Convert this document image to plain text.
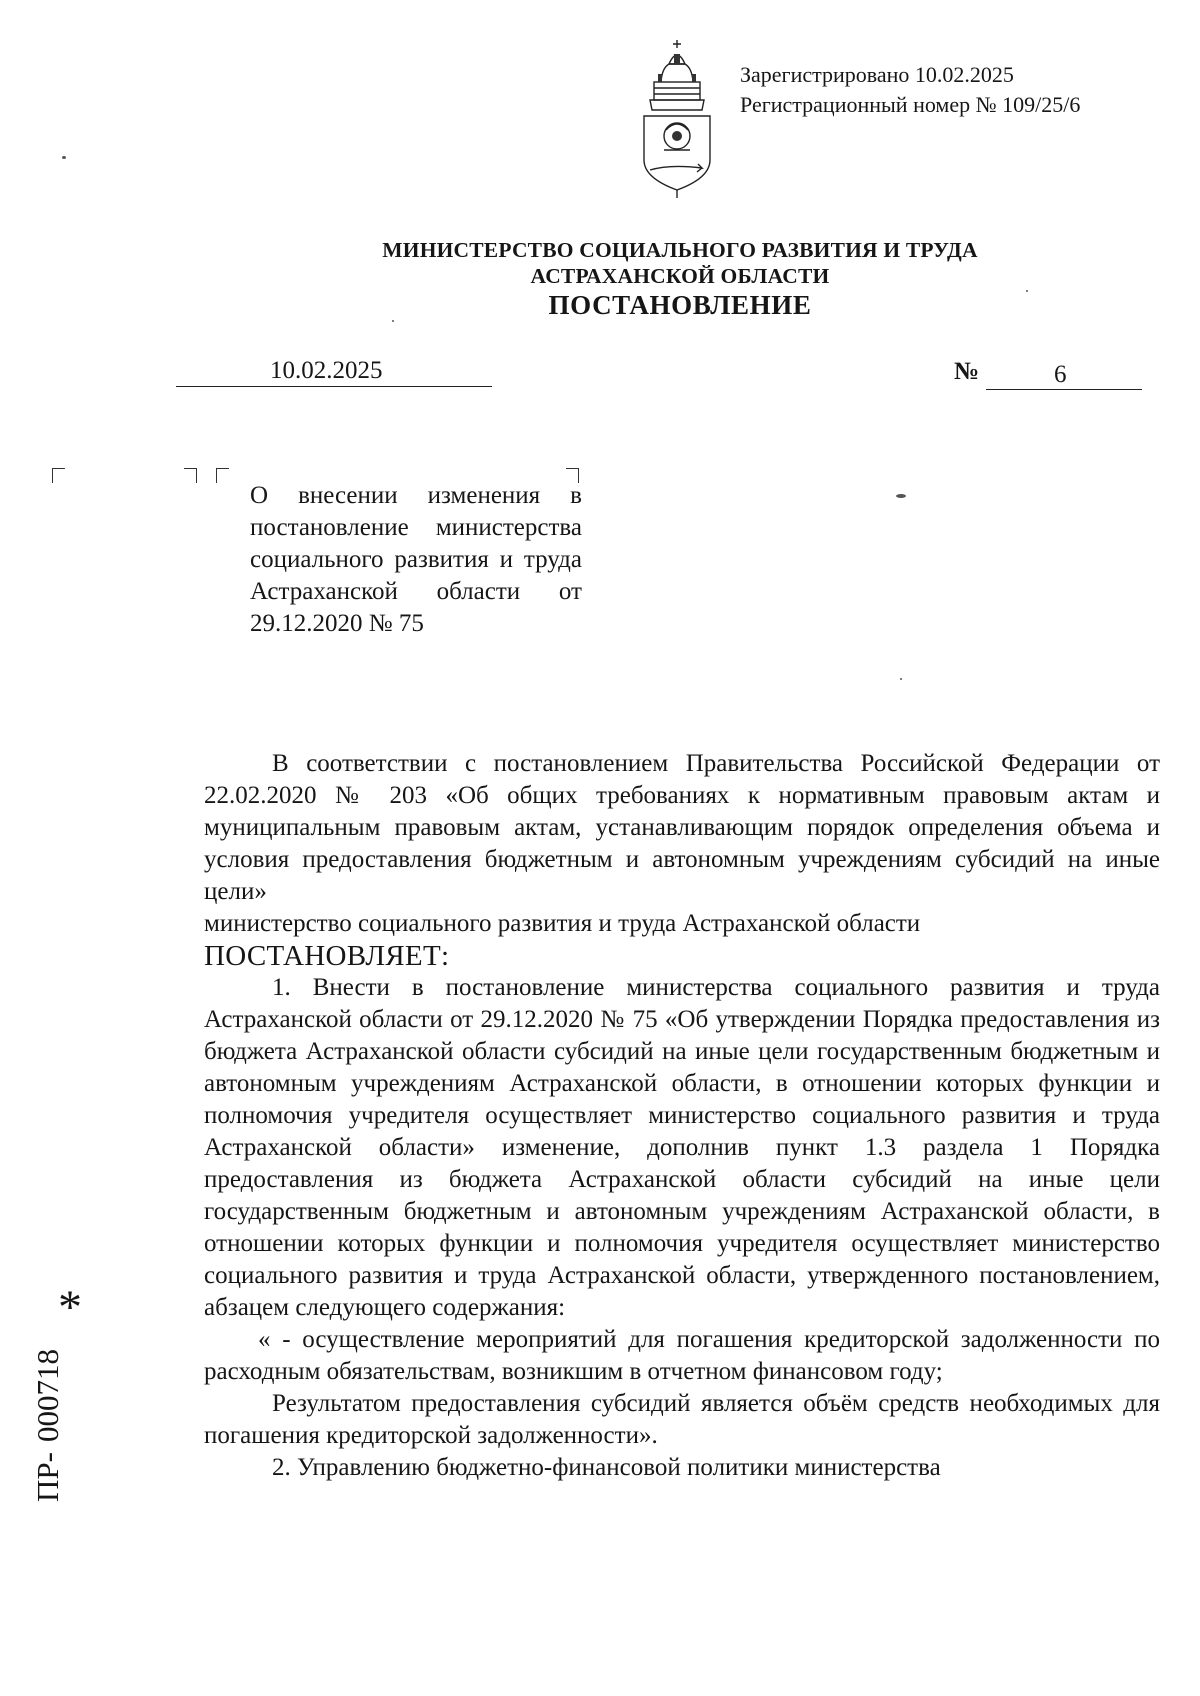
Зарегистрировано 10.02.2025
Регистрационный номер № 109/25/6
МИНИСТЕРСТВО СОЦИАЛЬНОГО РАЗВИТИЯ И ТРУДА
АСТРАХАНСКОЙ ОБЛАСТИ
ПОСТАНОВЛЕНИЕ
10.02.2025	№	6
О внесении изменения в постановление министерства социального развития и труда Астраханской области от 29.12.2020 № 75

В соответствии с постановлением Правительства Российской Федерации от 22.02.2020 № 203 «Об общих требованиях к нормативным правовым актам и муниципальным правовым актам, устанавливающим порядок определения объема и условия предоставления бюджетным и автономным учреждениям субсидий на иные цели»

министерство социального развития и труда Астраханской области

ПОСТАНОВЛЯЕТ:

1. Внести в постановление министерства социального развития и труда Астраханской области от 29.12.2020 № 75 «Об утверждении Порядка предоставления из бюджета Астраханской области субсидий на иные цели государственным бюджетным и автономным учреждениям Астраханской области, в отношении которых функции и полномочия учредителя осуществляет министерство социального развития и труда Астраханской области» изменение, дополнив пункт 1.3 раздела 1 Порядка предоставления из бюджета Астраханской области субсидий на иные цели государственным бюджетным и автономным учреждениям Астраханской области, в отношении которых функции и полномочия учредителя осуществляет министерство социального развития и труда Астраханской области, утвержденного постановлением, абзацем следующего содержания:

« - осуществление мероприятий для погашения кредиторской задолженности по расходным обязательствам, возникшим в отчетном финансовом году;

Результатом предоставления субсидий является объём средств необходимых для погашения кредиторской задолженности».

2. Управлению бюджетно-финансовой политики министерства

*
ПР-000718
